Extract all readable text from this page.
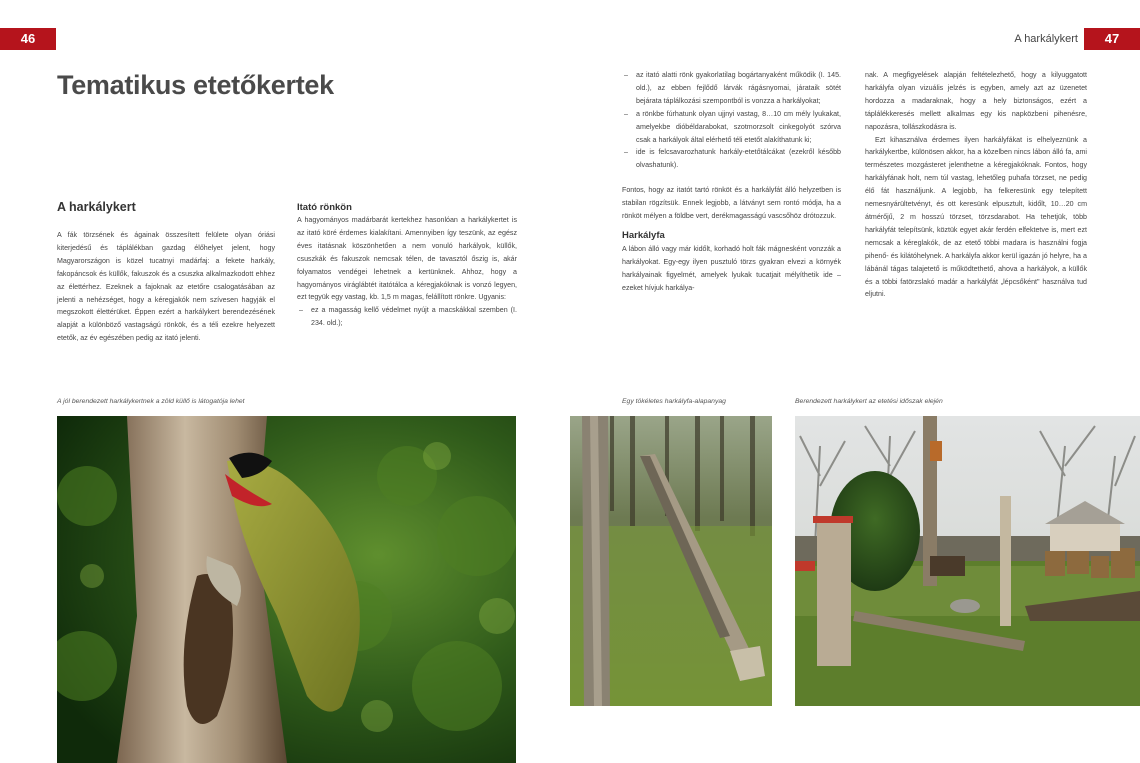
46	A harkálykert	47
Tematikus etetőkertek
A harkálykert

A fák törzsének és ágainak összesített felülete olyan óriási kiterjedésű és táplálékban gazdag élőhelyet jelent, hogy Magyarországon is közel tucatnyi madárfaj: a fekete harkály, fakopáncsok és küllők, fakuszok és a csuszka alkalmazkodott ehhez az élettérhez. Ezeknek a fajoknak az etetőre csalogatásában az jelenti a nehézséget, hogy a kéregjakók nem szívesen hagyják el megszokott élettérüket. Éppen ezért a harkálykert berendezésének alapját a különböző vastagságú rönkök, és a téli ezekre helyezett etetők, az év egészében pedig az itató jelenti.

Itató rönkön

A hagyományos madárbarát kertekhez hasonlóan a harkálykertet is az itató köré érdemes kialakítani. Amennyiben így teszünk, az egész éves itatásnak köszönhetően a nem vonuló harkályok, küllők, csuszkák és fakuszok nemcsak télen, de tavasztól őszig is, akár folyamatos vendégei lehetnek a kertünknek. Ahhoz, hogy a hagyományos viráglábtét itatótálca a kéregjakóknak is vonzó legyen, ezt tegyük egy vastag, kb. 1,5 m magas, felállított rönkre. Ugyanis:

– ez a magasság kellő védelmet nyújt a macskákkal szemben (I. 234. old.);
– az itató alatti rönk gyakorlatilag bogártanyaként működik (I. 145. old.), az ebben fejlődő lárvák rágásnyomai, járataik sötét bejárata táplálkozási szempontból is vonzza a harkályokat;
– a rönkbe fúrhatunk olyan ujjnyi vastag, 8…10 cm mély lyukakat, amelyekbe dióbéldarabokat, szotmorzsolt cinkegolyót szórva csak a harkályok által elérhető téli etetőt alakíthatunk ki;
– ide is felcsavarozhatunk harkály-etetőtálcákat (ezekről később olvashatunk).

Fontos, hogy az itatót tartó rönköt és a harkályfát álló helyzetben is stabilan rögzítsük. Ennek legjobb, a látványt sem rontó módja, ha a rönköt mélyen a földbe vert, derékmagasságú vascsőhöz drótozzuk.

Harkályfa

A lábon álló vagy már kidőlt, korhadó holt fák mágnesként vonzzák a harkályokat. Egy-egy ilyen pusztuló törzs gyakran elvezi a környék harkályainak figyelmét, amelyek lyukak tucatjait mélyíthetik ide – ezeket hívjuk harkálya-

nak. A megfigyelések alapján feltételezhető, hogy a kilyuggatott harkályfa olyan vizuális jelzés is egyben, amely azt az üzenetet hordozza a madaraknak, hogy a hely biztonságos, ezért a táplálékkeresés mellett alkalmas egy kis napközbeni pihenésre, napozásra, tollászkodásra is.

Ezt kihasználva érdemes ilyen harkályfákat is elhelyeznünk a harkálykertbe, különösen akkor, ha a közelben nincs lábon álló fa, ami természetes mozgásteret jelenthetne a kéregjakóknak. Fontos, hogy harkályfának holt, nem túl vastag, lehetőleg puhafa törzset, ne pedig élő fát használjunk. A legjobb, ha felkeresünk egy telepített nemesnyárültetvényt, és ott keresünk elpusztult, kidőlt, 10…20 cm átmérőjű, 2 m hosszú törzset, törzsdarabot. Ha tehetjük, több harkályfát telepítsünk, köztük egyet akár ferdén elfektetve is, mert ezt nemcsak a kéreglakók, de az etető többi madara is használni fogja pihenő- és kilátóhelynek. A harkályfa akkor kerül igazán jó helyre, ha a lábánál tágas talajetető is működtethető, ahova a harkályok, a küllők és a többi fatörzslakó madár a harkályfát „lépcsőként" használva tud eljutni.

A jól berendezett harkálykertnek a zöld küllő is látogatója lehet	Egy tökéletes harkályfa-alapanyag	Berendezett harkálykert az etetési időszak elején
